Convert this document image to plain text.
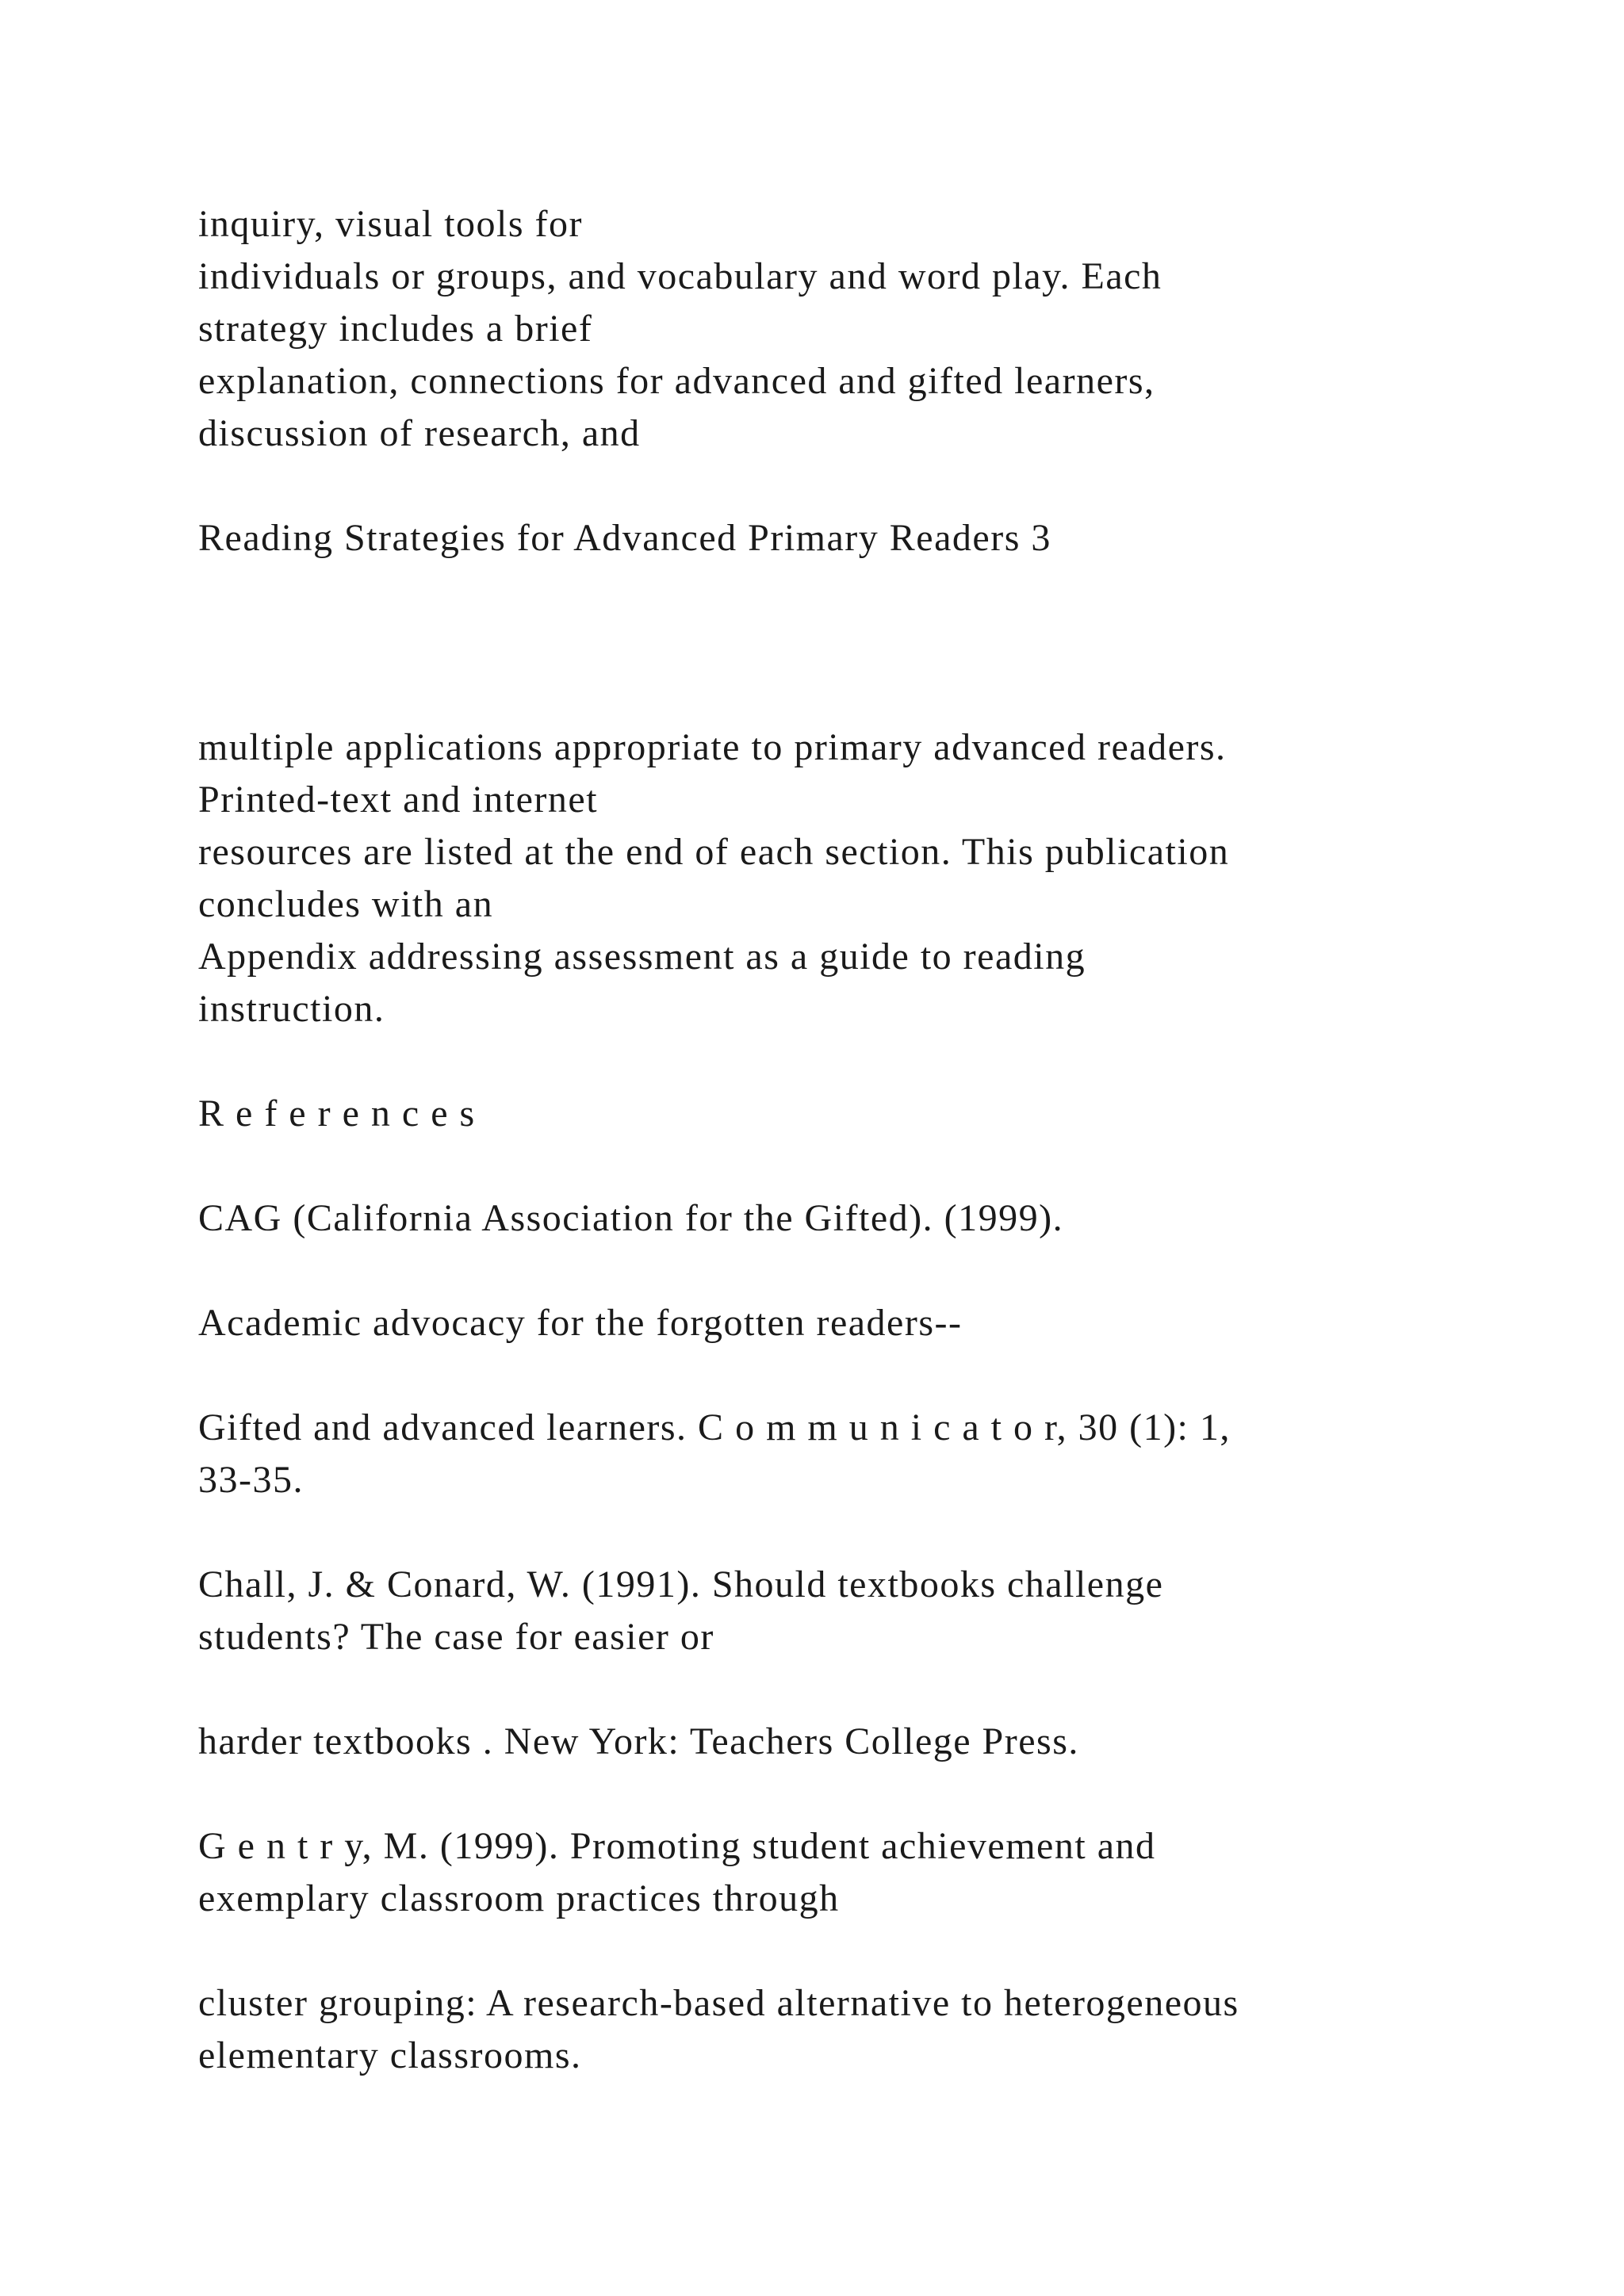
inquiry, visual tools for

individuals or groups, and vocabulary and word play. Each

strategy includes a brief

explanation, connections for advanced and gifted learners,

discussion of research, and

Reading Strategies for Advanced Primary Readers 3

multiple applications appropriate to primary advanced readers.

Printed-text and internet

resources are listed at the end of each section. This publication

concludes with an

Appendix addressing assessment as a guide to reading

instruction.

R e f e r e n c e s

CAG (California Association for the Gifted). (1999).

Academic advocacy for the forgotten readers--

Gifted and advanced learners. C o m m u n i c a t o r, 30 (1): 1,

33-35.

Chall, J. & Conard, W. (1991). Should textbooks challenge

students? The case for easier or

harder textbooks . New York: Teachers College Press.

G e n t r y, M. (1999). Promoting student achievement and

exemplary classroom practices through

cluster grouping: A research-based alternative to heterogeneous

elementary classrooms.
